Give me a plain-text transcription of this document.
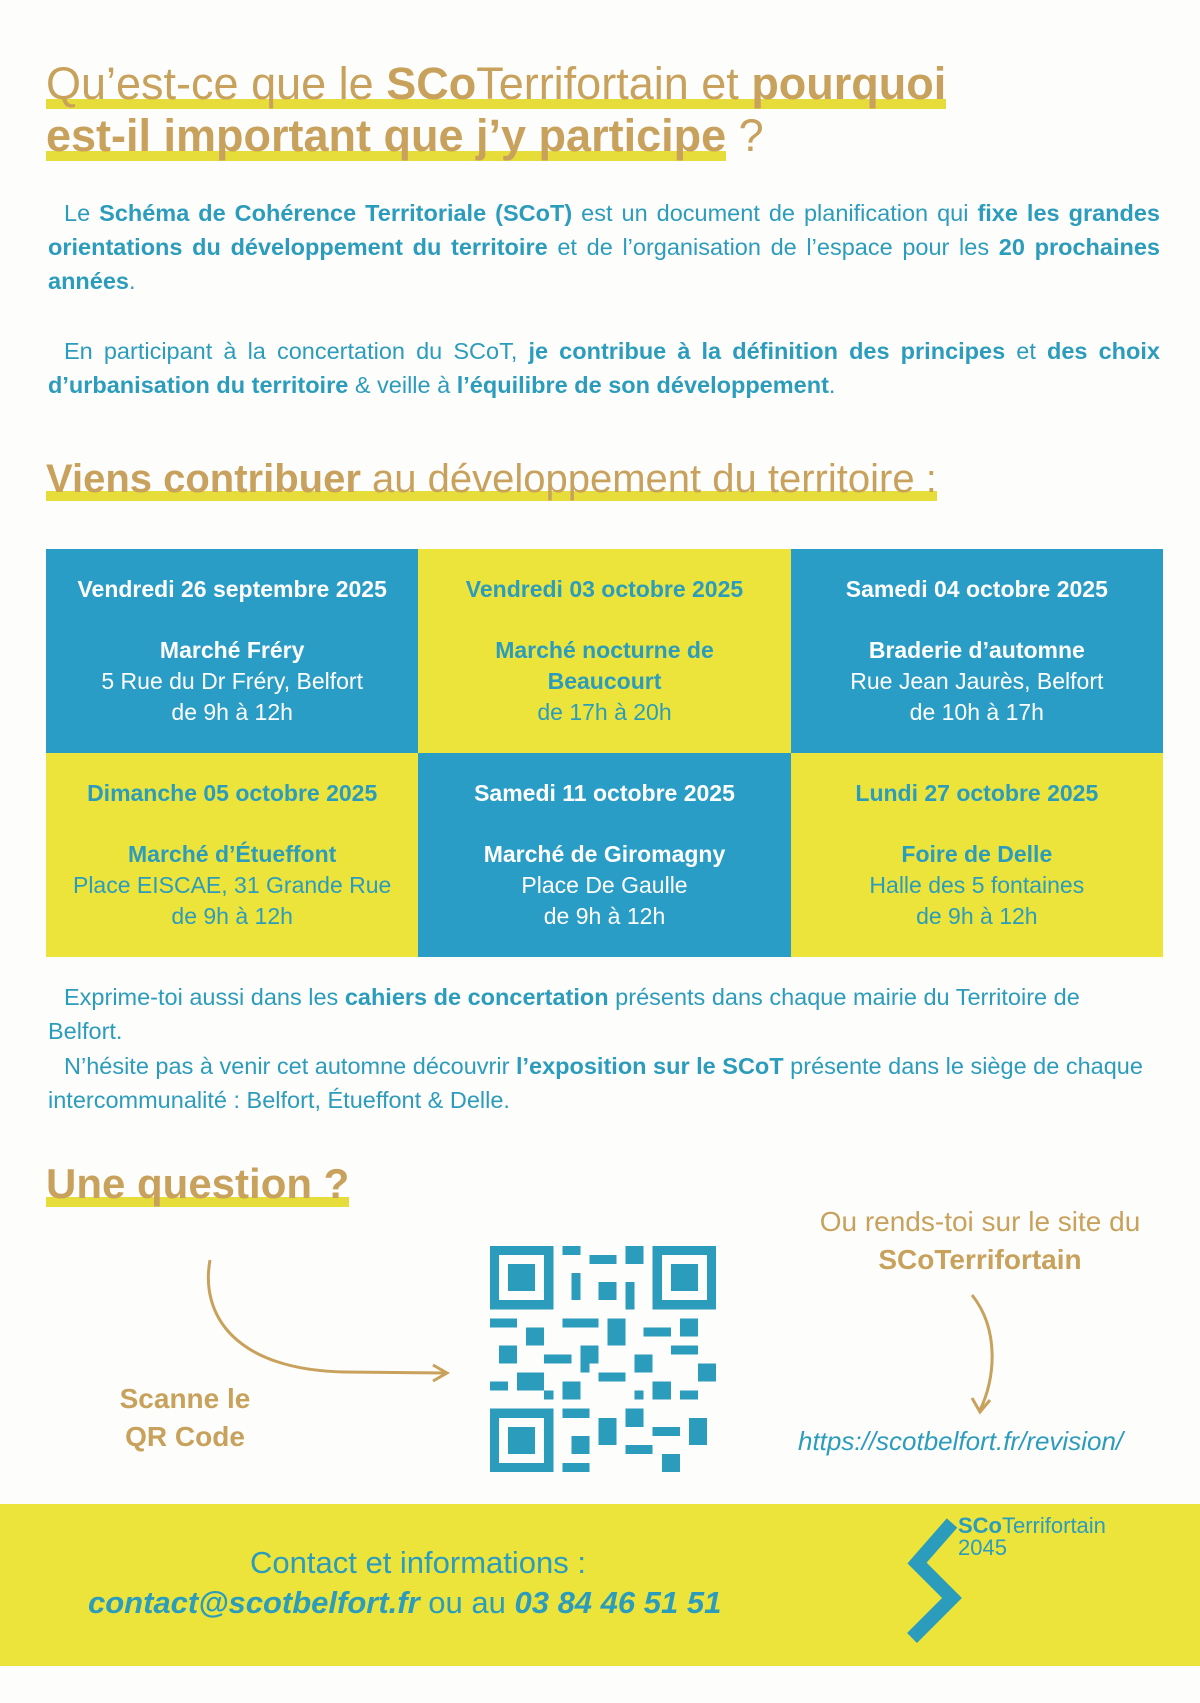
Qu’est-ce que le SCoTerrifortain et pourquoi
est-il important que j’y participe ?
Le Schéma de Cohérence Territoriale (SCoT) est un document de planification qui fixe les grandes orientations du développement du territoire et de l’organisation de l’espace pour les 20 prochaines années.
En participant à la concertation du SCoT, je contribue à la définition des principes et des choix d’urbanisation du territoire & veille à l’équilibre de son développement.
Viens contribuer au développement du territoire :
Vendredi 26 septembre 2025
Marché Fréry
5 Rue du Dr Fréry, Belfort
de 9h à 12h
Vendredi 03 octobre 2025
Marché nocturne de Beaucourt
de 17h à 20h
Samedi 04 octobre 2025
Braderie d’automne
Rue Jean Jaurès, Belfort
de 10h à 17h
Dimanche 05 octobre 2025
Marché d’Étueffont
Place EISCAE, 31 Grande Rue
de 9h à 12h
Samedi 11 octobre 2025
Marché de Giromagny
Place De Gaulle
de 9h à 12h
Lundi 27 octobre 2025
Foire de Delle
Halle des 5 fontaines
de 9h à 12h
Exprime-toi aussi dans les cahiers de concertation présents dans chaque mairie du Territoire de Belfort.
N’hésite pas à venir cet automne découvrir l’exposition sur le SCoT présente dans le siège de chaque intercommunalité : Belfort, Étueffont & Delle.
Une question ?
Scanne le
QR Code
Ou rends-toi sur le site du
SCoTerrifortain
https://scotbelfort.fr/revision/
Contact et informations :
contact@scotbelfort.fr ou au 03 84 46 51 51
SCoTerrifortain
2045
